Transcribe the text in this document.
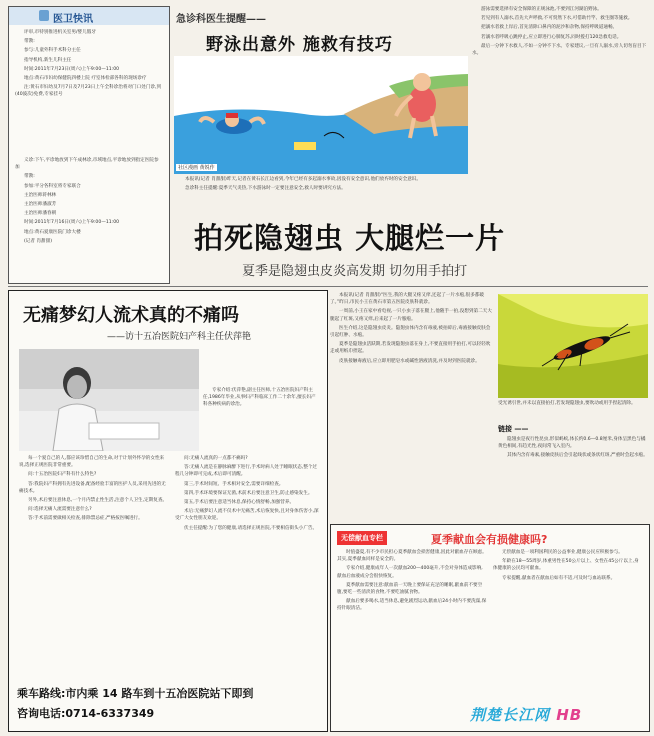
医卫快讯

评审,市特别推进机关室男/婴儿假牙

带教:

参与:儿童外科手术科分主任

指导机构,新生儿科主任

时间:2011年7月23日(周六)上午9:00—11:00

地点:黄石市妇幼保健院四楼上院 疗室体检部各科的现场诊疗

注:黄石市妇幼及7月7日及7月23日上午全科诊治将对门口处门诊,到(40波次)免费,专家挂号

义诊:下午,平诊地放到下午成林诊,市域地点,平诊地放到指定医院参加

带教:

参加:平分各科室将专家联合

主治医师蒋林林

主治医师潘淑芳

主治医师潘春朝

时间:2011年7月16日(周六)上午9:00—11:00

地点:黄石爱康医院门诊大楼

(记者 肖甜甜)

急诊科医生提醒——
野泳出意外 施救有技巧
社区漫画 黄锐作

本报讯(记者 肖甜甜)昨天,记者在黄石长江边看到,今年已经有多起溺水事故,因没有安全意识,他们放弃时的安全意识。

急诊科主任提醒:夏季天气炎热,下水游泳时一定要注意安全,救人时要讲究方法。

游泳需要选择有安全保障的正规泳池,不要到江河湖泊野泳。

若见到有人溺水,首先大声呼救,不可贸然下水,可借助竹竿、救生圈等施救。

把溺水者救上岸后,首先清除口鼻内的泥沙和杂物,保持呼吸道通畅。

若溺水者呼吸心跳停止,应立即进行心肺复苏,同时拨打120急救电话。

最后一分钟下水救人,不如一分钟不下水。专家建议,一旦有人溺水,旁人切勿盲目下水。

拍死隐翅虫 大腿烂一片
夏季是隐翅虫皮炎高发期 切勿用手拍打
无痛梦幻人流术真的不痛吗
——访十五冶医院妇产科主任伏萍艳

专家介绍:伏萍艳,副主任医师,十五冶医院妇产科主任,1986年毕业,从事妇产科临床工作二十余年,擅长妇产科各种疾病的诊治。

每一个爱自己的人,都应该珍惜自己的生命,对于计划外怀孕的女性来说,选择正规医院非常重要。

问:十五冶医院妇产科有什么特色?

答:我院妇产科拥有先进设备,配备经验丰富的医护人员,采用先进的无痛技术。

另外,术后要注意休息,一个月内禁止性生活,注意个人卫生,定期复查。

问:选择无痛人流需要注意什么?

答:手术前需要做相关检查,排除禁忌症,严格按医嘱进行。

问:无痛人流真的一点都不痛吗?

答:无痛人流是在静脉麻醉下进行,手术时病人处于睡眠状态,整个过程几分钟即可完成,术后即可清醒。

第三,手术时间短、手术相对安全,需要详细检查。

第四,手术环境要保证无菌,术前术后要注意卫生,防止感染发生。

第五,手术后要注意适当休息,保持心情舒畅,加强营养。

术后:无痛梦幻人流不仅术中无痛苦,术后恢复快,且对身体伤害小,深受广大女性朋友欢迎。

伏主任提醒:为了您的健康,请选择正规医院,不要相信街头小广告。

乘车路线:市内乘 14 路车到十五冶医院站下即到
咨询电话:0714-6337349

本报讯(记者 肖甜甜)“医生,我的大腿又疼又痒,还起了一片水疱,很多都破了。”昨日,市民小王在黄石市第五医院皮肤科就诊。

一周前,小王在家中看电视,一只小虫子落在腿上,他随手一拍,没想到第二天大腿起了红斑,又疼又痒,后来起了一片脓疱。

医生介绍,这是隐翅虫皮炎。隐翅虫体内含有毒液,被拍碎后,毒液接触皮肤会引起红肿、水疱。

夏季是隐翅虫活跃期,若发现隐翅虫落在身上,不要直接用手拍打,可以轻轻吹走或用纸巾捏起。

皮肤接触毒液后,应立即用肥皂水或碱性溶液清洗,并及时到医院就诊。

受光诱引世,并未以直接拍打,若发现隐翅虫,要吹动或用手捏起清除。
链接 ——

隐翅虫是夜行性昆虫,形似蚂蚁,体长约0.6—0.8厘米,身体呈黑色与橘黄色相间,有趋光性,夜间常飞入室内。

其体内含有毒素,接触皮肤后会引起线状或条状红斑,严重时会起水疱。

无偿献血专栏	夏季献血会有损健康吗?

时值盛夏,有不少市民担心夏季献血会损害健康,因此对献血存在顾虑。其实,夏季献血同样是安全的。

专家介绍,健康成年人一次献血200—400毫升,不会对身体造成影响,献血后血液成分会很快恢复。

夏季献血需要注意:献血前一天晚上要保证充足的睡眠,献血前不要空腹,要吃一些清淡的食物,不要吃油腻食物。

献血后要多喝水,适当休息,避免剧烈运动,献血后24小时内不要洗澡,保持针眼清洁。

无偿献血是一项利国利民的公益事业,健康公民应积极参与。

年龄在18—55周岁,体重男性在50公斤以上、女性在45公斤以上,身体健康的公民均可献血。

专家提醒,献血者在献血后如有不适,可及时与血站联系。

荆楚长江网 HB
